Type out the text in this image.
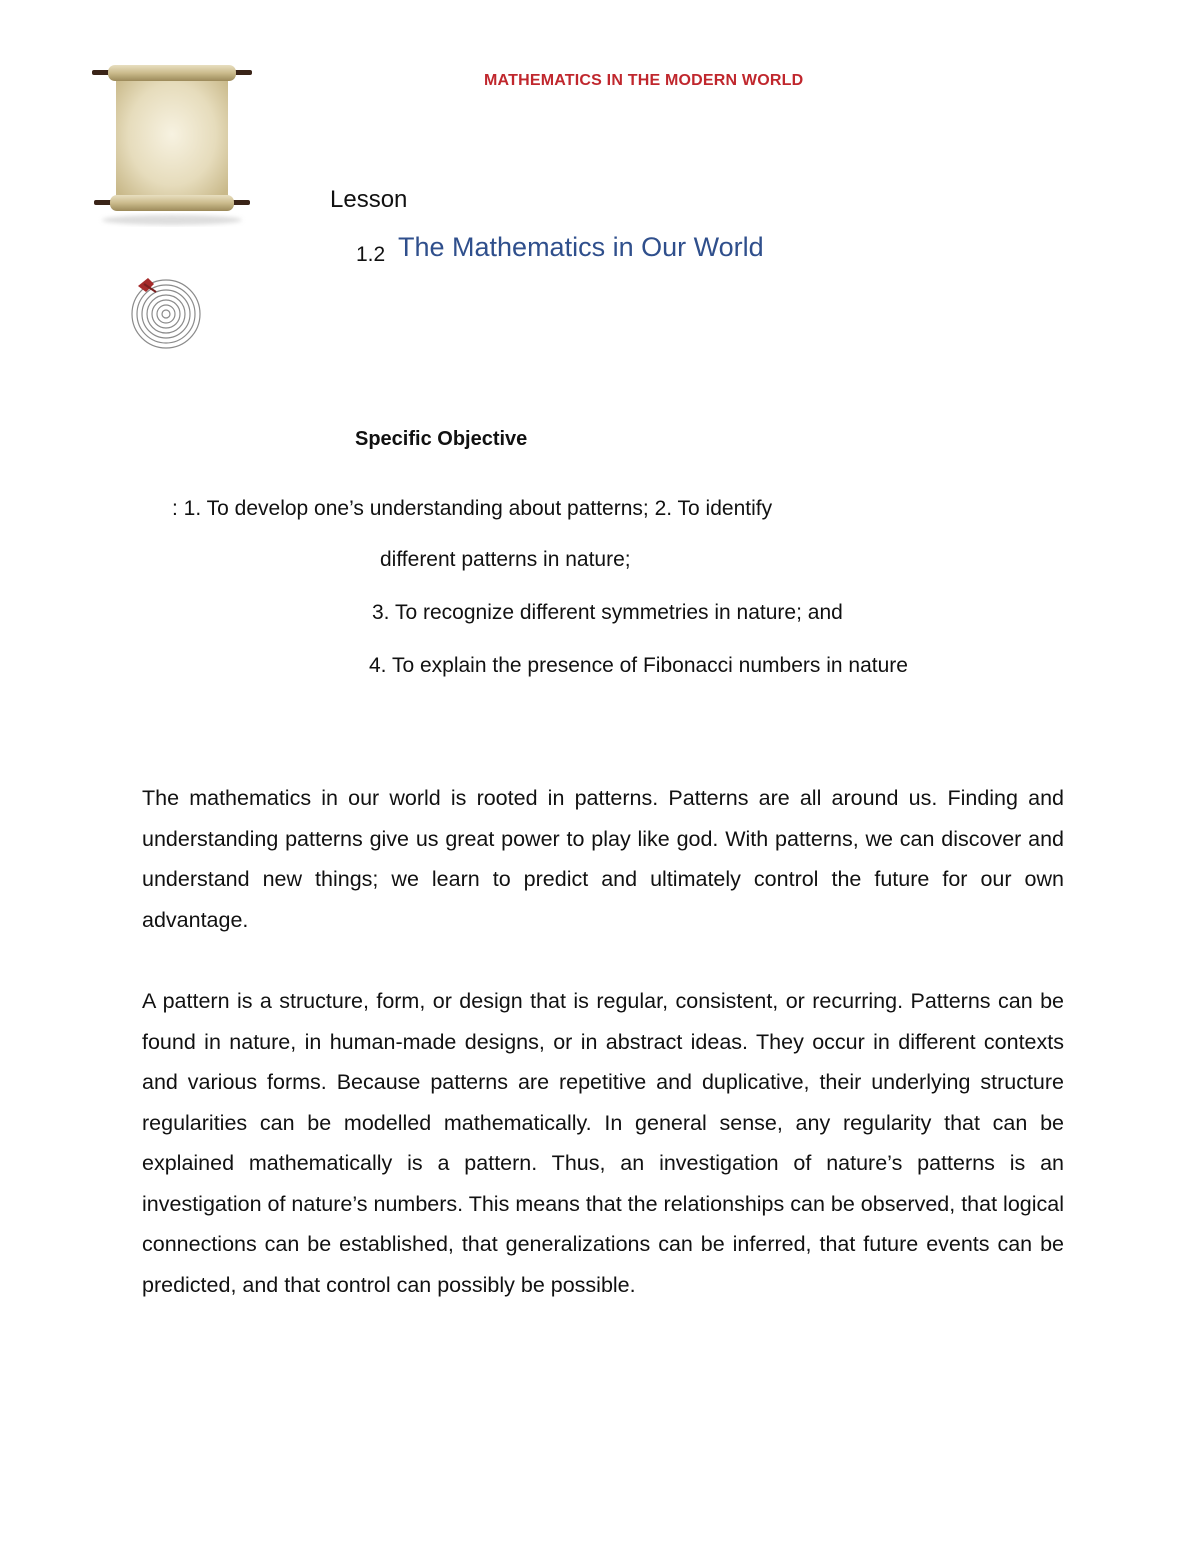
MATHEMATICS IN THE MODERN WORLD
Lesson
1.2 The Mathematics in Our World
Specific Objective
: 1. To develop one’s understanding about patterns; 2. To identify
different patterns in nature;
3. To recognize different symmetries in nature; and
4. To explain the presence of Fibonacci numbers in nature

The mathematics in our world is rooted in patterns. Patterns are all around us. Finding and understanding patterns give us great power to play like god. With patterns, we can discover and understand new things; we learn to predict and ultimately control the future for our own advantage.

A pattern is a structure, form, or design that is regular, consistent, or recurring. Patterns can be found in nature, in human-made designs, or in abstract ideas. They occur in different contexts and various forms. Because patterns are repetitive and duplicative, their underlying structure regularities can be modelled mathematically. In general sense, any regularity that can be explained mathematically is a pattern. Thus, an investigation of nature’s patterns is an investigation of nature’s numbers. This means that the relationships can be observed, that logical connections can be established, that generalizations can be inferred, that future events can be predicted, and that control can possibly be possible.
